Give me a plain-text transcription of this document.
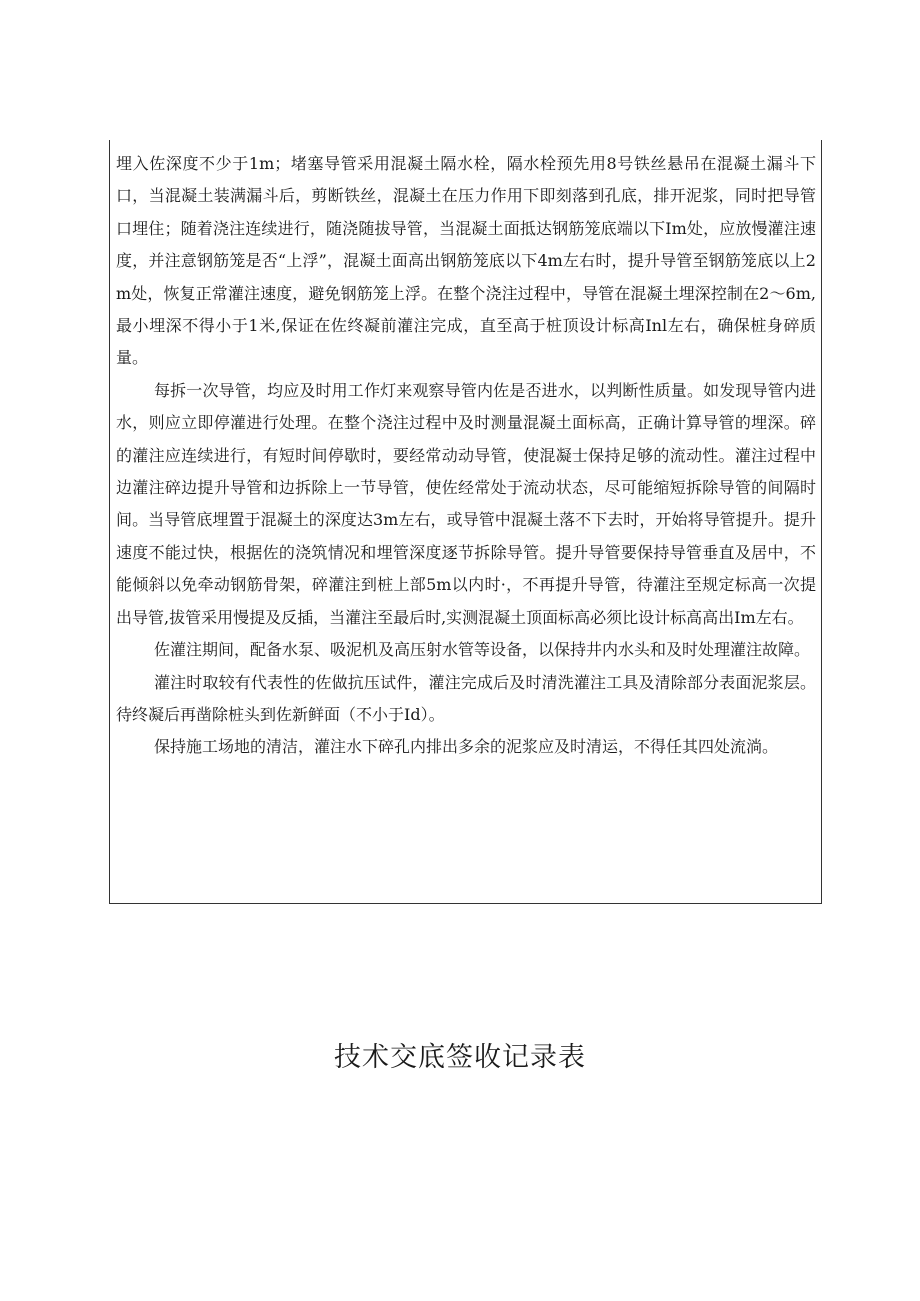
埋入佐深度不少于1m；堵塞导管采用混凝土隔水栓，隔水栓预先用8号铁丝悬吊在混凝土漏斗下口，当混凝土装满漏斗后，剪断铁丝，混凝土在压力作用下即刻落到孔底，排开泥浆，同时把导管口埋住；随着浇注连续进行，随浇随拔导管，当混凝土面抵达钢筋笼底端以下Im处，应放慢灌注速度，并注意钢筋笼是否“上浮”，混凝土面高出钢筋笼底以下4m左右时，提升导管至钢筋笼底以上2m处，恢复正常灌注速度，避免钢筋笼上浮。在整个浇注过程中，导管在混凝土埋深控制在2～6m,最小埋深不得小于1米,保证在佐终凝前灌注完成，直至高于桩顶设计标高Inl左右，确保桩身碎质量。

每拆一次导管，均应及时用工作灯来观察导管内佐是否进水，以判断性质量。如发现导管内进水，则应立即停灌进行处理。在整个浇注过程中及时测量混凝土面标高，正确计算导管的埋深。碎的灌注应连续进行，有短时间停歇时，要经常动动导管，使混凝士保持足够的流动性。灌注过程中边灌注碎边提升导管和边拆除上一节导管，使佐经常处于流动状态，尽可能缩短拆除导管的间隔时间。当导管底埋置于混凝土的深度达3m左右，或导管中混凝土落不下去时，开始将导管提升。提升速度不能过快，根据佐的浇筑情况和埋管深度逐节拆除导管。提升导管要保持导管垂直及居中，不能倾斜以免牵动钢筋骨架，碎灌注到桩上部5m以内时·，不再提升导管，待灌注至规定标高一次提出导管,拔管采用慢提及反插，当灌注至最后时,实测混凝土顶面标高必须比设计标高高出Im左右。

佐灌注期间，配备水泵、吸泥机及高压射水管等设备，以保持井内水头和及时处理灌注故障。

灌注时取较有代表性的佐做抗压试件，灌注完成后及时清洗灌注工具及清除部分表面泥浆层。待终凝后再凿除桩头到佐新鲜面（不小于Id）。

保持施工场地的清洁，灌注水下碎孔内排出多余的泥浆应及时清运，不得任其四处流淌。

技术交底签收记录表
